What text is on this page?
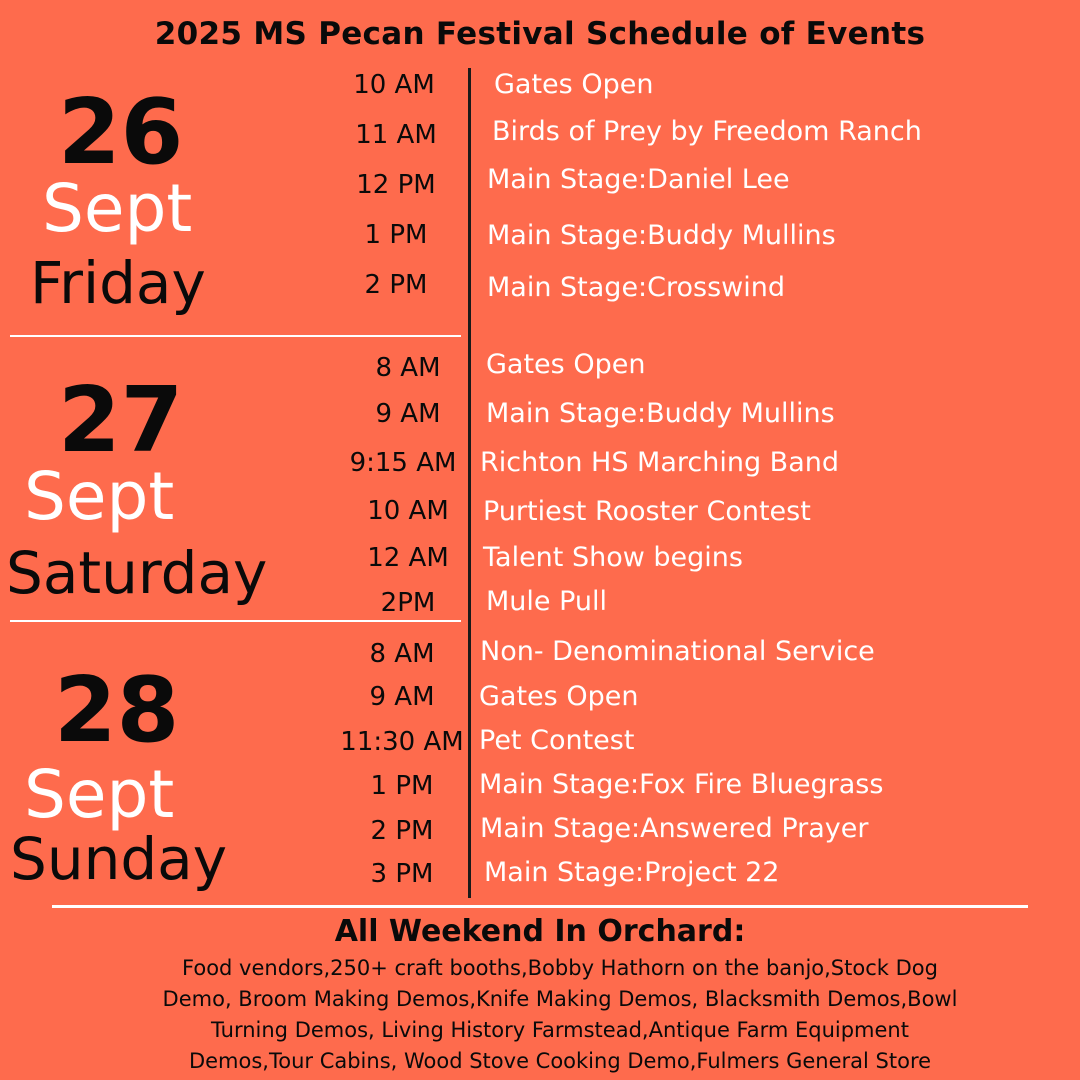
2025 MS Pecan Festival Schedule of Events
26
Sept
Friday
10 AM	Gates Open
11 AM	Birds of Prey by Freedom Ranch
12 PM	Main Stage:Daniel Lee
1 PM	Main Stage:Buddy Mullins
2 PM	Main Stage:Crosswind
27
Sept
Saturday
8 AM	Gates Open
9 AM	Main Stage:Buddy Mullins
9:15 AM Richton HS Marching Band
10 AM	Purtiest Rooster Contest
12 AM	Talent Show begins
2PM	Mule Pull
28
Sept
Sunday
8 AM	Non- Denominational Service
9 AM	Gates Open
11:30 AM Pet Contest
1 PM	Main Stage:Fox Fire Bluegrass
2 PM	Main Stage:Answered Prayer
3 PM	Main Stage:Project 22
All Weekend In Orchard:
Food vendors,250+ craft booths,Bobby Hathorn on the banjo,Stock Dog
Demo, Broom Making Demos,Knife Making Demos, Blacksmith Demos,Bowl
Turning Demos, Living History Farmstead,Antique Farm Equipment
Demos,Tour Cabins, Wood Stove Cooking Demo,Fulmers General Store
